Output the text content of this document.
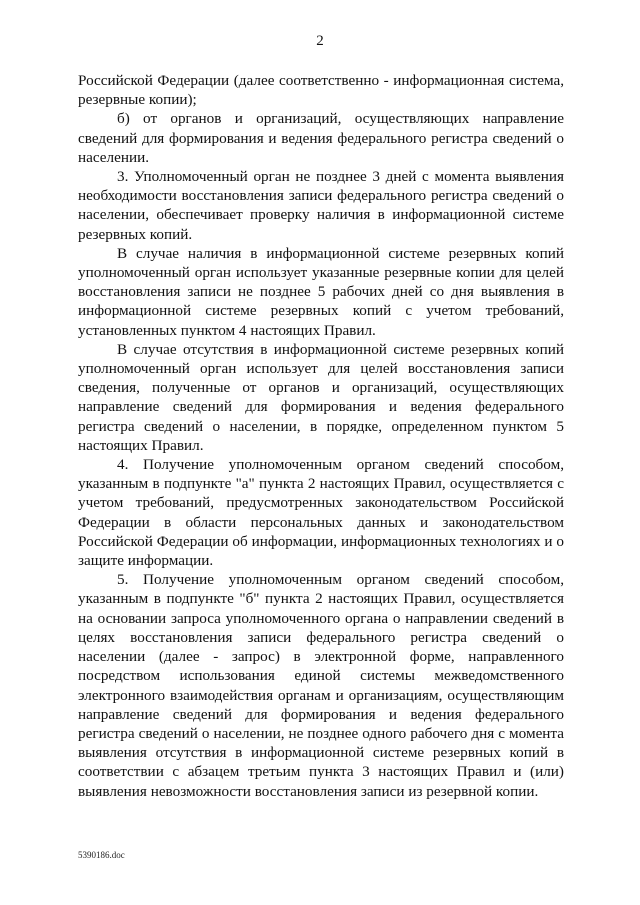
2

Российской Федерации (далее соответственно - информационная система, резервные копии);

б) от органов и организаций, осуществляющих направление сведений для формирования и ведения федерального регистра сведений о населении.

3. Уполномоченный орган не позднее 3 дней с момента выявления необходимости восстановления записи федерального регистра сведений о населении, обеспечивает проверку наличия в информационной системе резервных копий.

В случае наличия в информационной системе резервных копий уполномоченный орган использует указанные резервные копии для целей восстановления записи не позднее 5 рабочих дней со дня выявления в информационной системе резервных копий с учетом требований, установленных пунктом 4 настоящих Правил.

В случае отсутствия в информационной системе резервных копий уполномоченный орган использует для целей восстановления записи сведения, полученные от органов и организаций, осуществляющих направление сведений для формирования и ведения федерального регистра сведений о населении, в порядке, определенном пунктом 5 настоящих Правил.

4. Получение уполномоченным органом сведений способом, указанным в подпункте "а" пункта 2 настоящих Правил, осуществляется с учетом требований, предусмотренных законодательством Российской Федерации в области персональных данных и законодательством Российской Федерации об информации, информационных технологиях и о защите информации.

5. Получение уполномоченным органом сведений способом, указанным в подпункте "б" пункта 2 настоящих Правил, осуществляется на основании запроса уполномоченного органа о направлении сведений в целях восстановления записи федерального регистра сведений о населении (далее - запрос) в электронной форме, направленного посредством использования единой системы межведомственного электронного взаимодействия органам и организациям, осуществляющим направление сведений для формирования и ведения федерального регистра сведений о населении, не позднее одного рабочего дня с момента выявления отсутствия в информационной системе резервных копий в соответствии с абзацем третьим пункта 3 настоящих Правил и (или) выявления невозможности восстановления записи из резервной копии.

5390186.doc
